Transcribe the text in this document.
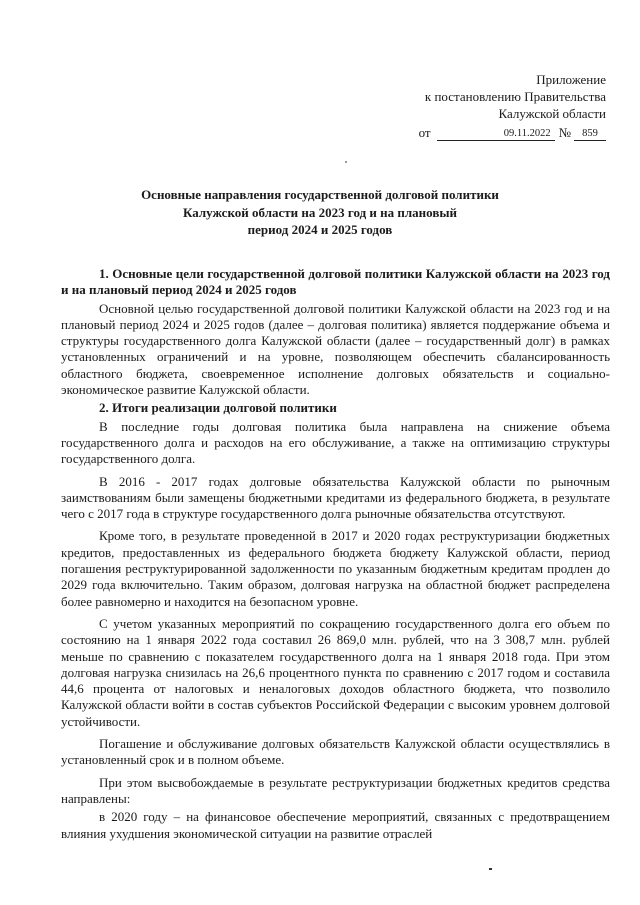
Приложение
к постановлению Правительства
Калужской области
от	09.11.2022 №	859
Основные направления государственной долговой политики
Калужской области на 2023 год и на плановый
период 2024 и 2025 годов

1. Основные цели государственной долговой политики Калужской области на 2023 год и на плановый период 2024 и 2025 годов

Основной целью государственной долговой политики Калужской области на 2023 год и на плановый период 2024 и 2025 годов (далее – долговая политика) является поддержание объема и структуры государственного долга Калужской области (далее – государственный долг) в рамках установленных ограничений и на уровне, позволяющем обеспечить сбалансированность областного бюджета, своевременное исполнение долговых обязательств и социально-экономическое развитие Калужской области.

2. Итоги реализации долговой политики

В последние годы долговая политика была направлена на снижение объема государственного долга и расходов на его обслуживание, а также на оптимизацию структуры государственного долга.

В 2016 - 2017 годах долговые обязательства Калужской области по рыночным заимствованиям были замещены бюджетными кредитами из федерального бюджета, в результате чего с 2017 года в структуре государственного долга рыночные обязательства отсутствуют.

Кроме того, в результате проведенной в 2017 и 2020 годах реструктуризации бюджетных кредитов, предоставленных из федерального бюджета бюджету Калужской области, период погашения реструктурированной задолженности по указанным бюджетным кредитам продлен до 2029 года включительно. Таким образом, долговая нагрузка на областной бюджет распределена более равномерно и находится на безопасном уровне.

С учетом указанных мероприятий по сокращению государственного долга его объем по состоянию на 1 января 2022 года составил 26 869,0 млн. рублей, что на 3 308,7 млн. рублей меньше по сравнению с показателем государственного долга на 1 января 2018 года. При этом долговая нагрузка снизилась на 26,6 процентного пункта по сравнению с 2017 годом и составила 44,6 процента от налоговых и неналоговых доходов областного бюджета, что позволило Калужской области войти в состав субъектов Российской Федерации с высоким уровнем долговой устойчивости.

Погашение и обслуживание долговых обязательств Калужской области осуществлялись в установленный срок и в полном объеме.

При этом высвобождаемые в результате реструктуризации бюджетных кредитов средства направлены:

в 2020 году – на финансовое обеспечение мероприятий, связанных с предотвращением влияния ухудшения экономической ситуации на развитие отраслей
